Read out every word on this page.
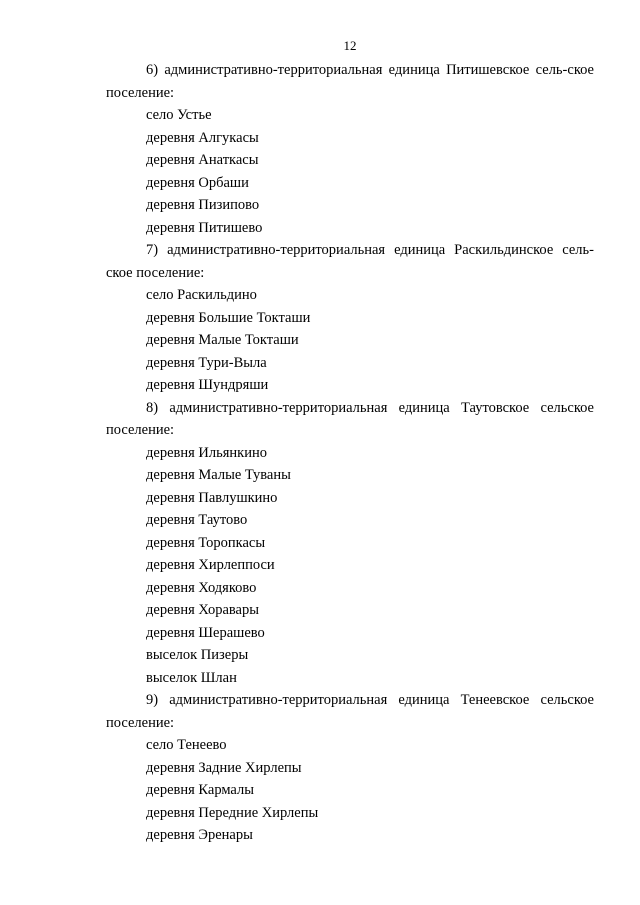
12

6) административно-территориальная единица Питишевское сель-ское поселение:

село Устье

деревня Алгукасы

деревня Анаткасы

деревня Орбаши

деревня Пизипово

деревня Питишево

7) административно-территориальная единица Раскильдинское сель-ское поселение:

село Раскильдино

деревня Большие Токташи

деревня Малые Токташи

деревня Тури-Выла

деревня Шундряши

8) административно-территориальная единица Таутовское сельское поселение:

деревня Ильянкино

деревня Малые Туваны

деревня Павлушкино

деревня Таутово

деревня Торопкасы

деревня Хирлеппоси

деревня Ходяково

деревня Хоравары

деревня Шерашево

выселок Пизеры

выселок Шлан

9) административно-территориальная единица Тенеевское сельское поселение:

село Тенеево

деревня Задние Хирлепы

деревня Кармалы

деревня Передние Хирлепы

деревня Эренары
